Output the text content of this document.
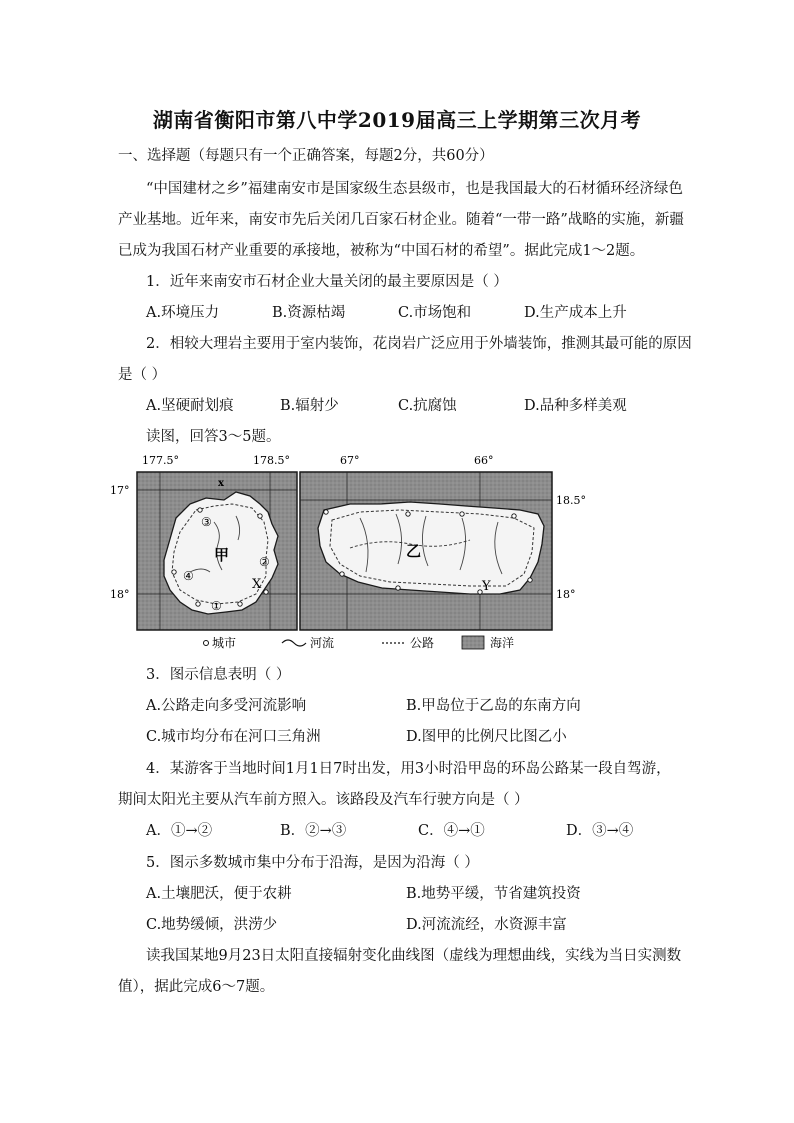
湖南省衡阳市第八中学2019届高三上学期第三次月考
一、选择题（每题只有一个正确答案，每题2分，共60分）
“中国建材之乡”福建南安市是国家级生态县级市，也是我国最大的石材循环经济绿色
产业基地。近年来，南安市先后关闭几百家石材企业。随着“一带一路”战略的实施，新疆
已成为我国石材产业重要的承接地，被称为“中国石材的希望”。据此完成1～2题。
1．近年来南安市石材企业大量关闭的最主要原因是（ ）
A.环境压力	B.资源枯竭	C.市场饱和	D.生产成本上升
2．相较大理岩主要用于室内装饰，花岗岩广泛应用于外墙装饰，推测其最可能的原因
是（ ）
A.坚硬耐划痕	B.辐射少	C.抗腐蚀	D.品种多样美观
读图，回答3～5题。
③
②
④
①
甲
X
x
177.5°	178.5°
17°
18°
乙
Y
67°	66°
18.5°
18°
城市	河流	公路	海洋
3．图示信息表明（ ）
A.公路走向多受河流影响	B.甲岛位于乙岛的东南方向
C.城市均分布在河口三角洲	D.图甲的比例尺比图乙小
4．某游客于当地时间1月1日7时出发，用3小时沿甲岛的环岛公路某一段自驾游，
期间太阳光主要从汽车前方照入。该路段及汽车行驶方向是（ ）
A．①→②	B．②→③	C．④→①	D．③→④
5．图示多数城市集中分布于沿海，是因为沿海（ ）
A.土壤肥沃，便于农耕	B.地势平缓，节省建筑投资
C.地势缓倾，洪涝少	D.河流流经，水资源丰富
读我国某地9月23日太阳直接辐射变化曲线图（虚线为理想曲线，实线为当日实测数
值），据此完成6～7题。
